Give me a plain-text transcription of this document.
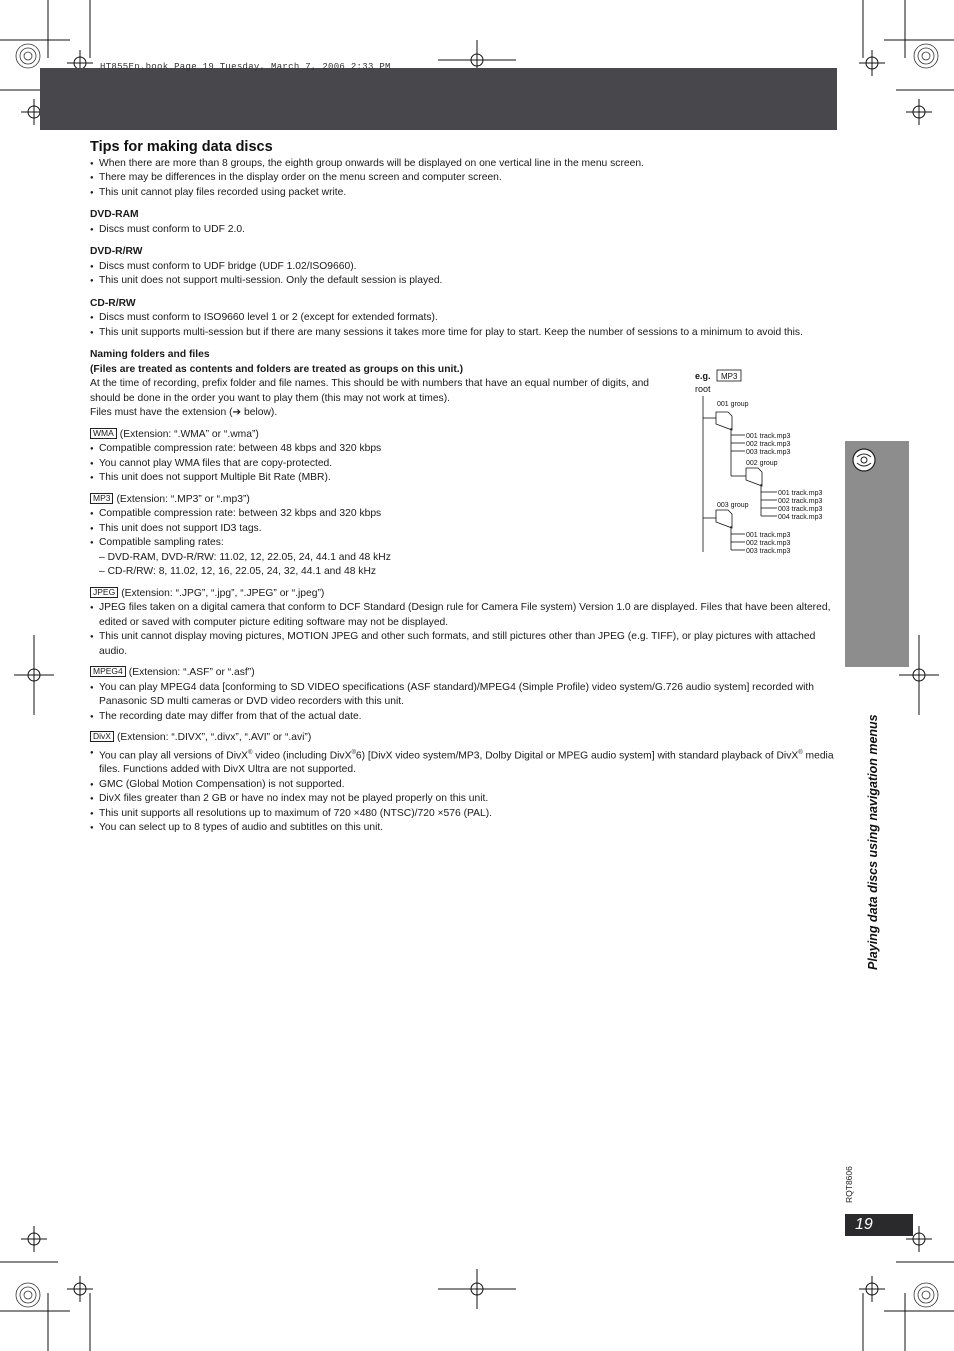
HT855En.book Page 19 Tuesday, March 7, 2006 2:33 PM
Tips for making data discs
● When there are more than 8 groups, the eighth group onwards will be displayed on one vertical line in the menu screen.
● There may be differences in the display order on the menu screen and computer screen.
● This unit cannot play files recorded using packet write.
DVD-RAM
● Discs must conform to UDF 2.0.
DVD-R/RW
● Discs must conform to UDF bridge (UDF 1.02/ISO9660).
● This unit does not support multi-session. Only the default session is played.
CD-R/RW
● Discs must conform to ISO9660 level 1 or 2 (except for extended formats).
● This unit supports multi-session but if there are many sessions it takes more time for play to start. Keep the number of sessions to a minimum to avoid this.
Naming folders and files
(Files are treated as contents and folders are treated as groups on this unit.)
At the time of recording, prefix folder and file names. This should be with numbers that have an equal number of digits, and should be done in the order you want to play them (this may not work at times).
Files must have the extension (➔ below).
WMA (Extension: “.WMA” or “.wma”)
● Compatible compression rate: between 48 kbps and 320 kbps
● You cannot play WMA files that are copy-protected.
● This unit does not support Multiple Bit Rate (MBR).
MP3 (Extension: “.MP3” or “.mp3”)
● Compatible compression rate: between 32 kbps and 320 kbps
● This unit does not support ID3 tags.
● Compatible sampling rates:
– DVD-RAM, DVD-R/RW: 11.02, 12, 22.05, 24, 44.1 and 48 kHz
– CD-R/RW: 8, 11.02, 12, 16, 22.05, 24, 32, 44.1 and 48 kHz
JPEG (Extension: “.JPG”, “.jpg”, “.JPEG” or “.jpeg”)
● JPEG files taken on a digital camera that conform to DCF Standard (Design rule for Camera File system) Version 1.0 are displayed. Files that have been altered, edited or saved with computer picture editing software may not be displayed.
● This unit cannot display moving pictures, MOTION JPEG and other such formats, and still pictures other than JPEG (e.g. TIFF), or play pictures with attached audio.
MPEG4 (Extension: “.ASF” or “.asf”)
● You can play MPEG4 data [conforming to SD VIDEO specifications (ASF standard)/MPEG4 (Simple Profile) video system/G.726 audio system] recorded with Panasonic SD multi cameras or DVD video recorders with this unit.
● The recording date may differ from that of the actual date.
DivX (Extension: “.DIVX”, “.divx”, “.AVI” or “.avi”)
● You can play all versions of DivX® video (including DivX®6) [DivX video system/MP3, Dolby Digital or MPEG audio system] with standard playback of DivX® media files. Functions added with DivX Ultra are not supported.
● GMC (Global Motion Compensation) is not supported.
● DivX files greater than 2 GB or have no index may not be played properly on this unit.
● This unit supports all resolutions up to maximum of 720 ×480 (NTSC)/720 ×576 (PAL).
● You can select up to 8 types of audio and subtitles on this unit.
e.g. MP3
root
001 group
001 track.mp3
002 track.mp3
003 track.mp3
002 group
001 track.mp3
002 track.mp3
003 track.mp3
004 track.mp3
003 group
001 track.mp3
002 track.mp3
003 track.mp3
Playing data discs using navigation menus
RQT8606
19
